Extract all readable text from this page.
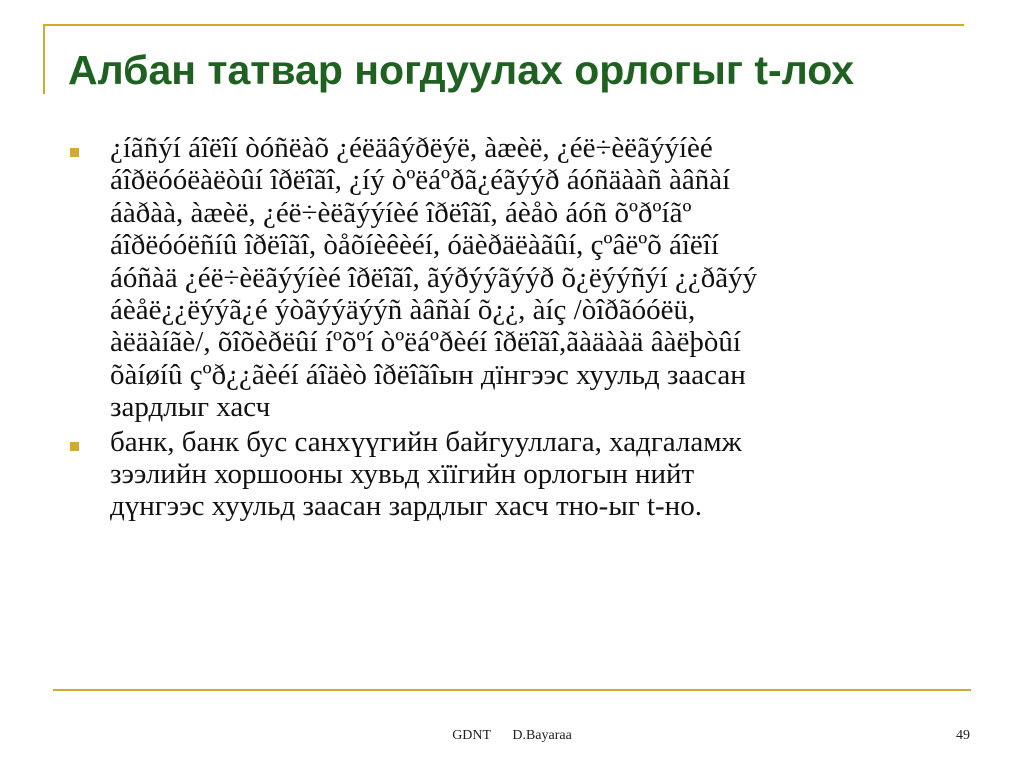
Албан татвар ногдуулах орлогыг t-лох

¿íãñýí áîëîí òóñëàõ ¿éëäâýðëýë, àæèë, ¿éë÷èëãýýíèé
áîðëóóëàëòûí îðëîãî, ¿íý òºëáºðã¿éãýýð áóñäààñ àâñàí
áàðàà, àæèë, ¿éë÷èëãýýíèé îðëîãî, áèåò áóñ õºðºíãº
áîðëóóëñíû îðëîãî, òåõíèêèéí, óäèðäëàãûí, çºâëºõ áîëîí
áóñàä ¿éë÷èëãýýíèé îðëîãî, ãýðýýãýýð õ¿ëýýñýí ¿¿ðãýý
áèåë¿¿ëýýã¿é ýòãýýäýýñ àâñàí õ¿¿, àíç /òîðãóóëü,
àëäàíãè/, õîõèðëûí íºõºí òºëáºðèéí îðëîãî,ãàäààä âàëþòûí
õàíøíû çºð¿¿ãèéí áîäèò îðëîãîын дïнгээс хуульд заасан
зардлыг хасч

банк, банк бус санхүүгийн байгууллага, хадгаламж
зээлийн хоршооны хувьд хïïгийн орлогын нийт
дүнгээс хуульд заасан зардлыг хасч тно-ыг t-но.

GDNT D.Bayaraa	49
